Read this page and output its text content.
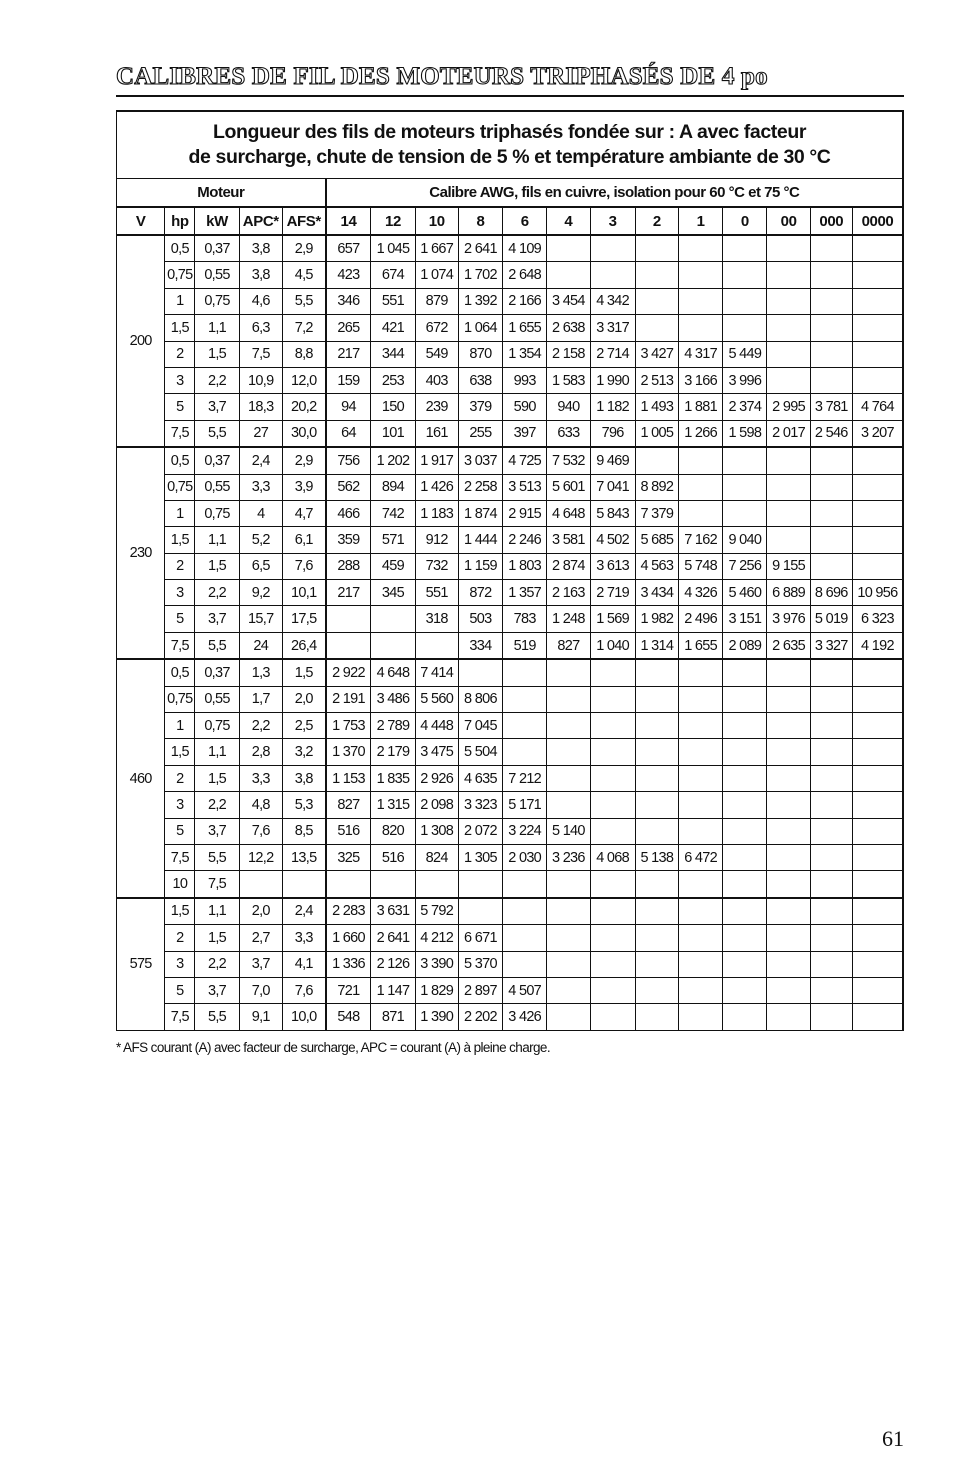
CALIBRES DE FIL DES MOTEURS TRIPHASÉS DE 4 po
Longueur des fils de moteurs triphasés fondée sur : A avec facteur
de surcharge, chute de tension de 5 % et température ambiante de 30 °C																	
Moteur					Calibre AWG, fils en cuivre, isolation pour 60 °C et 75 °C												
V	hp	kW	APC*	AFS*	14	12	10	8	6	4	3	2	1	0	00	000	0000
200	0,5	0,37	3,8	2,9	657	1 045	1 667	2 641	4 109								
	0,75	0,55	3,8	4,5	423	674	1 074	1 702	2 648								
	1	0,75	4,6	5,5	346	551	879	1 392	2 166	3 454	4 342						
	1,5	1,1	6,3	7,2	265	421	672	1 064	1 655	2 638	3 317						
	2	1,5	7,5	8,8	217	344	549	870	1 354	2 158	2 714	3 427	4 317	5 449			
	3	2,2	10,9	12,0	159	253	403	638	993	1 583	1 990	2 513	3 166	3 996			
	5	3,7	18,3	20,2	94	150	239	379	590	940	1 182	1 493	1 881	2 374	2 995	3 781	4 764
	7,5	5,5	27	30,0	64	101	161	255	397	633	796	1 005	1 266	1 598	2 017	2 546	3 207
230	0,5	0,37	2,4	2,9	756	1 202	1 917	3 037	4 725	7 532	9 469						
	0,75	0,55	3,3	3,9	562	894	1 426	2 258	3 513	5 601	7 041	8 892					
	1	0,75	4	4,7	466	742	1 183	1 874	2 915	4 648	5 843	7 379					
	1,5	1,1	5,2	6,1	359	571	912	1 444	2 246	3 581	4 502	5 685	7 162	9 040			
	2	1,5	6,5	7,6	288	459	732	1 159	1 803	2 874	3 613	4 563	5 748	7 256	9 155		
	3	2,2	9,2	10,1	217	345	551	872	1 357	2 163	2 719	3 434	4 326	5 460	6 889	8 696	10 956
	5	3,7	15,7	17,5			318	503	783	1 248	1 569	1 982	2 496	3 151	3 976	5 019	6 323
	7,5	5,5	24	26,4				334	519	827	1 040	1 314	1 655	2 089	2 635	3 327	4 192
460	0,5	0,37	1,3	1,5	2 922	4 648	7 414										
	0,75	0,55	1,7	2,0	2 191	3 486	5 560	8 806									
	1	0,75	2,2	2,5	1 753	2 789	4 448	7 045									
	1,5	1,1	2,8	3,2	1 370	2 179	3 475	5 504									
	2	1,5	3,3	3,8	1 153	1 835	2 926	4 635	7 212								
	3	2,2	4,8	5,3	827	1 315	2 098	3 323	5 171								
	5	3,7	7,6	8,5	516	820	1 308	2 072	3 224	5 140							
	7,5	5,5	12,2	13,5	325	516	824	1 305	2 030	3 236	4 068	5 138	6 472				
	10	7,5															
575	1,5	1,1	2,0	2,4	2 283	3 631	5 792										
	2	1,5	2,7	3,3	1 660	2 641	4 212	6 671									
	3	2,2	3,7	4,1	1 336	2 126	3 390	5 370									
	5	3,7	7,0	7,6	721	1 147	1 829	2 897	4 507								
	7,5	5,5	9,1	10,0	548	871	1 390	2 202	3 426								

* AFS courant (A) avec facteur de surcharge, APC = courant (A) à pleine charge.

61
